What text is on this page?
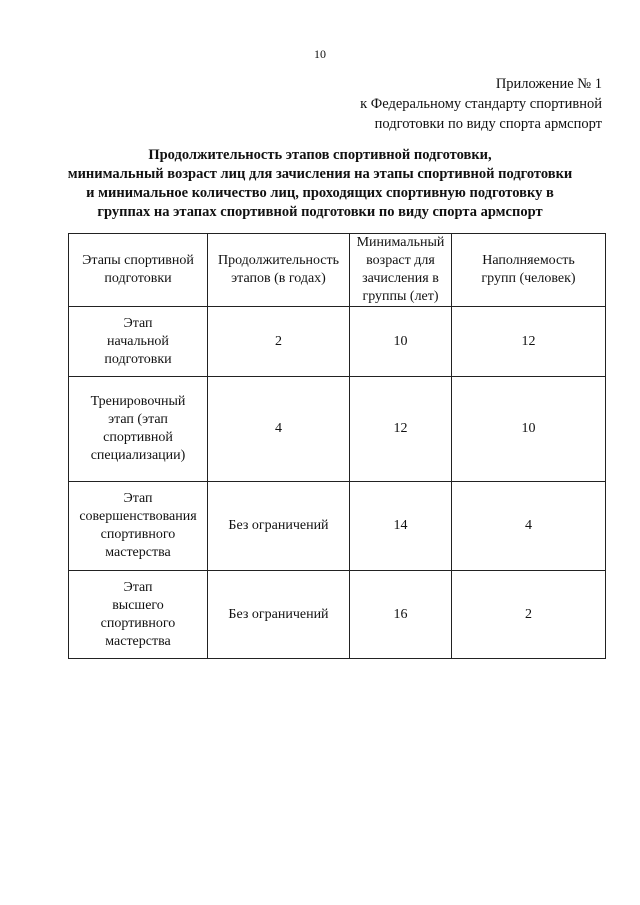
10
Приложение № 1
к Федеральному стандарту спортивной
подготовки по виду спорта армспорт
Продолжительность этапов спортивной подготовки,
минимальный возраст лиц для зачисления на этапы спортивной подготовки
и минимальное количество лиц, проходящих спортивную подготовку в
группах на этапах спортивной подготовки по виду спорта армспорт
Этапы спортивной
подготовки	Продолжительность
этапов (в годах)	Минимальный
возраст для
зачисления в
группы (лет)	Наполняемость
групп (человек)
Этап
начальной
подготовки	2	10	12
Тренировочный
этап (этап
спортивной
специализации)	4	12	10
Этап
совершенствования
спортивного
мастерства	Без ограничений	14	4
Этап
высшего
спортивного
мастерства	Без ограничений	16	2
